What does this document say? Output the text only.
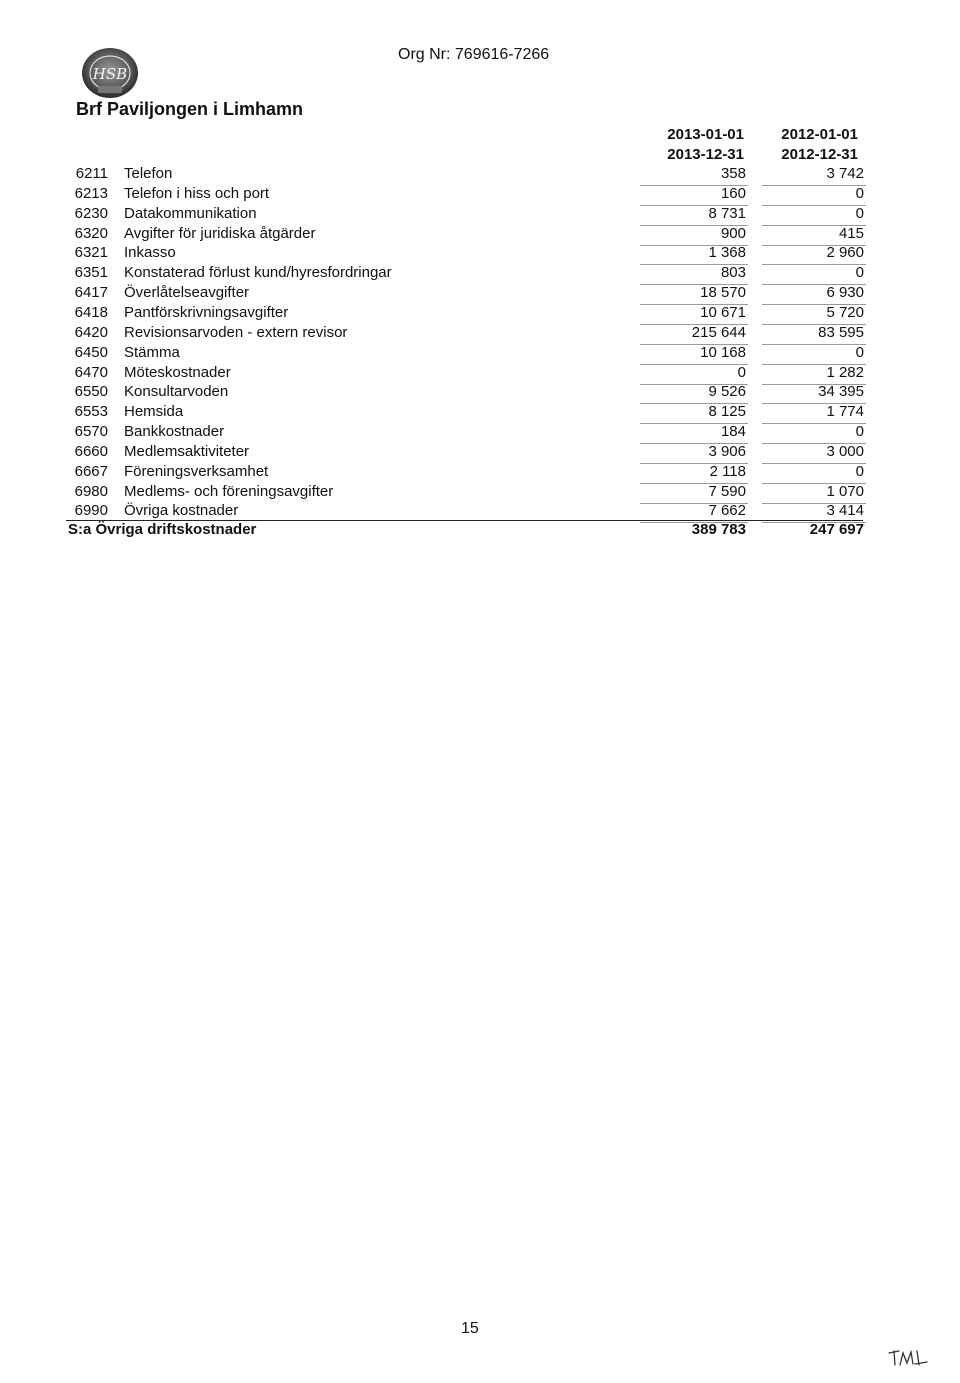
HSB
Org Nr: 769616-7266
Brf Paviljongen i Limhamn
2013-01-01
2013-12-31
2012-01-01
2012-12-31
6211 Telefon	358	3 742
6213 Telefon i hiss och port	160	0
6230 Datakommunikation	8 731	0
6320 Avgifter för juridiska åtgärder	900	415
6321 Inkasso	1 368	2 960
6351 Konstaterad förlust kund/hyresfordringar	803	0
6417 Överlåtelseavgifter	18 570	6 930
6418 Pantförskrivningsavgifter	10 671	5 720
6420 Revisionsarvoden - extern revisor	215 644	83 595
6450 Stämma	10 168	0
6470 Möteskostnader	0	1 282
6550 Konsultarvoden	9 526	34 395
6553 Hemsida	8 125	1 774
6570 Bankkostnader	184	0
6660 Medlemsaktiviteter	3 906	3 000
6667 Föreningsverksamhet	2 118	0
6980 Medlems- och föreningsavgifter	7 590	1 070
6990 Övriga kostnader	7 662	3 414
S:a Övriga driftskostnader	389 783	247 697
15
